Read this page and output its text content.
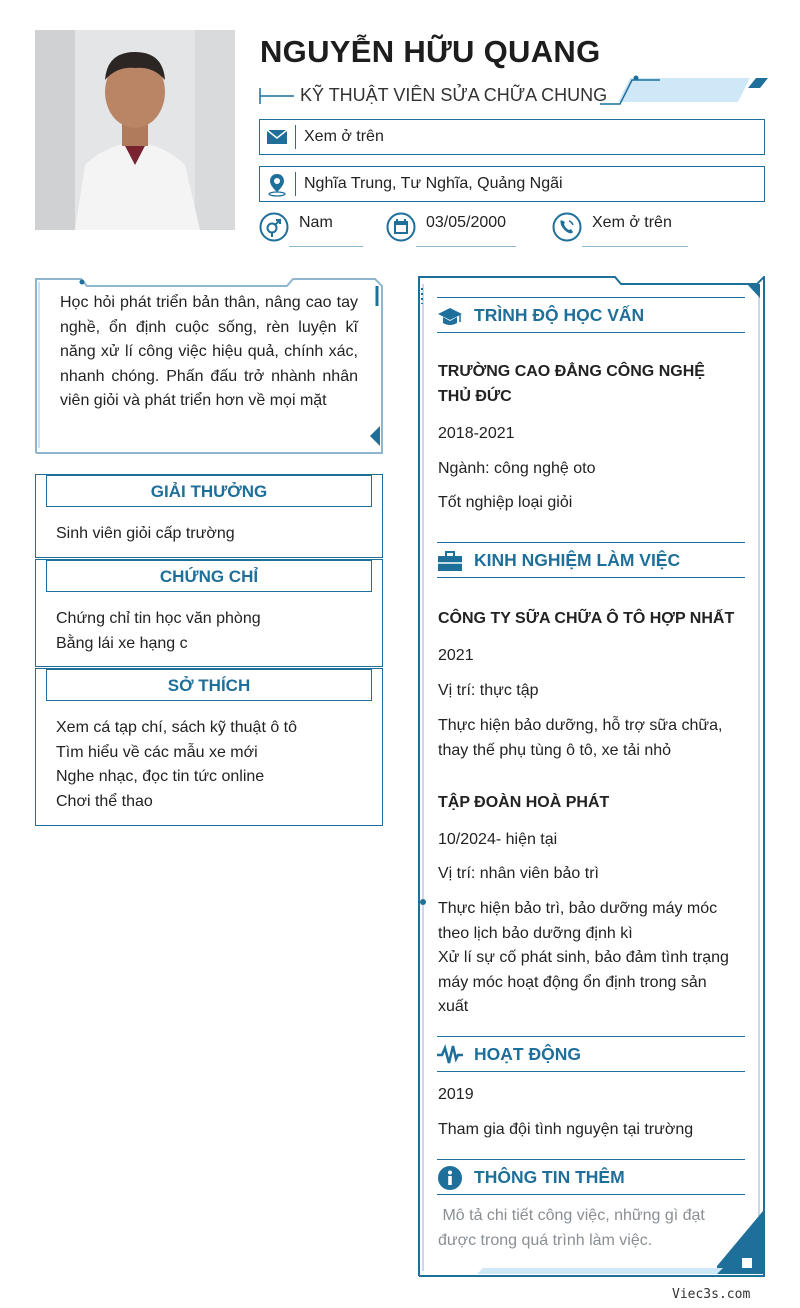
NGUYỄN HỮU QUANG
KỸ THUẬT VIÊN SỬA CHỮA CHUNG
Xem ở trên
Nghĩa Trung, Tư Nghĩa, Quảng Ngãi
Nam	03/05/2000	Xem ở trên
Học hỏi phát triển bản thân, nâng cao tay nghề, ổn định cuộc sống, rèn luyện kĩ năng xử lí công việc hiệu quả, chính xác, nhanh chóng. Phấn đấu trở nhành nhân viên giỏi và phát triển hơn về mọi mặt
GIẢI THƯỞNG
Sinh viên giỏi cấp trường
CHỨNG CHỈ
Chứng chỉ tin học văn phòng
Bằng lái xe hạng c
SỞ THÍCH
Xem cá tạp chí, sách kỹ thuật ô tô
Tìm hiểu về các mẫu xe mới
Nghe nhạc, đọc tin tức online
Chơi thể thao
TRÌNH ĐỘ HỌC VẤN
TRƯỜNG CAO ĐẲNG CÔNG NGHỆ THỦ ĐỨC
2018-2021
Ngành: công nghệ oto
Tốt nghiệp loại giỏi
KINH NGHIỆM LÀM VIỆC
CÔNG TY SỮA CHỮA Ô TÔ HỢP NHẤT
2021
Vị trí: thực tập
Thực hiện bảo dưỡng, hỗ trợ sữa chữa,
thay thế phụ tùng ô tô, xe tải nhỏ
TẬP ĐOÀN HOÀ PHÁT
10/2024- hiện tại
Vị trí: nhân viên bảo trì
Thực hiện bảo trì, bảo dưỡng máy móc
theo lịch bảo dưỡng định kì
Xử lí sự cố phát sinh, bảo đảm tình trạng
máy móc hoạt động ổn định trong sản
xuất
HOẠT ĐỘNG
2019
Tham gia đội tình nguyện tại trường
THÔNG TIN THÊM
Mô tả chi tiết công việc, những gì đạt
được trong quá trình làm việc.
Viec3s.com
